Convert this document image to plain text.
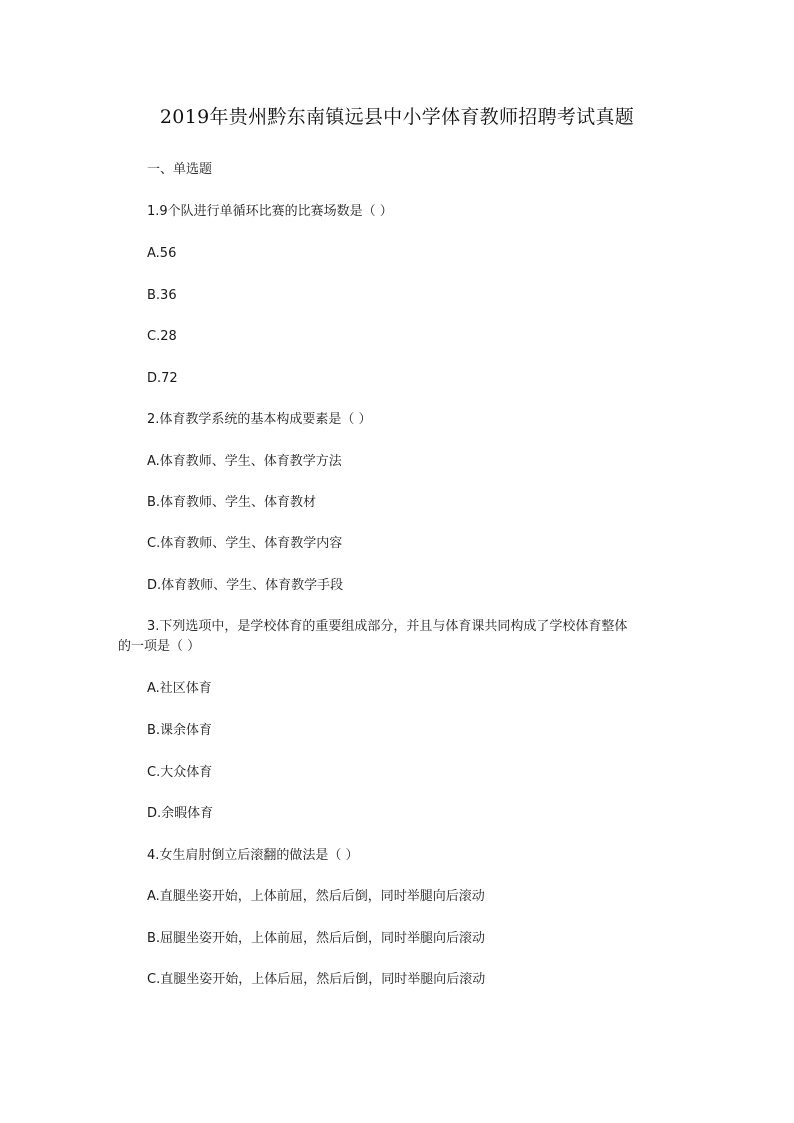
2019年贵州黔东南镇远县中小学体育教师招聘考试真题
一、单选题
1.9个队进行单循环比赛的比赛场数是（ ）
A.56
B.36
C.28
D.72
2.体育教学系统的基本构成要素是（ ）
A.体育教师、学生、体育教学方法
B.体育教师、学生、体育教材
C.体育教师、学生、体育教学内容
D.体育教师、学生、体育教学手段
3.下列选项中，是学校体育的重要组成部分，并且与体育课共同构成了学校体育整体
的一项是（ ）
A.社区体育
B.课余体育
C.大众体育
D.余暇体育
4.女生肩肘倒立后滚翻的做法是（ ）
A.直腿坐姿开始，上体前屈，然后后倒，同时举腿向后滚动
B.屈腿坐姿开始，上体前屈，然后后倒，同时举腿向后滚动
C.直腿坐姿开始，上体后屈，然后后倒，同时举腿向后滚动
